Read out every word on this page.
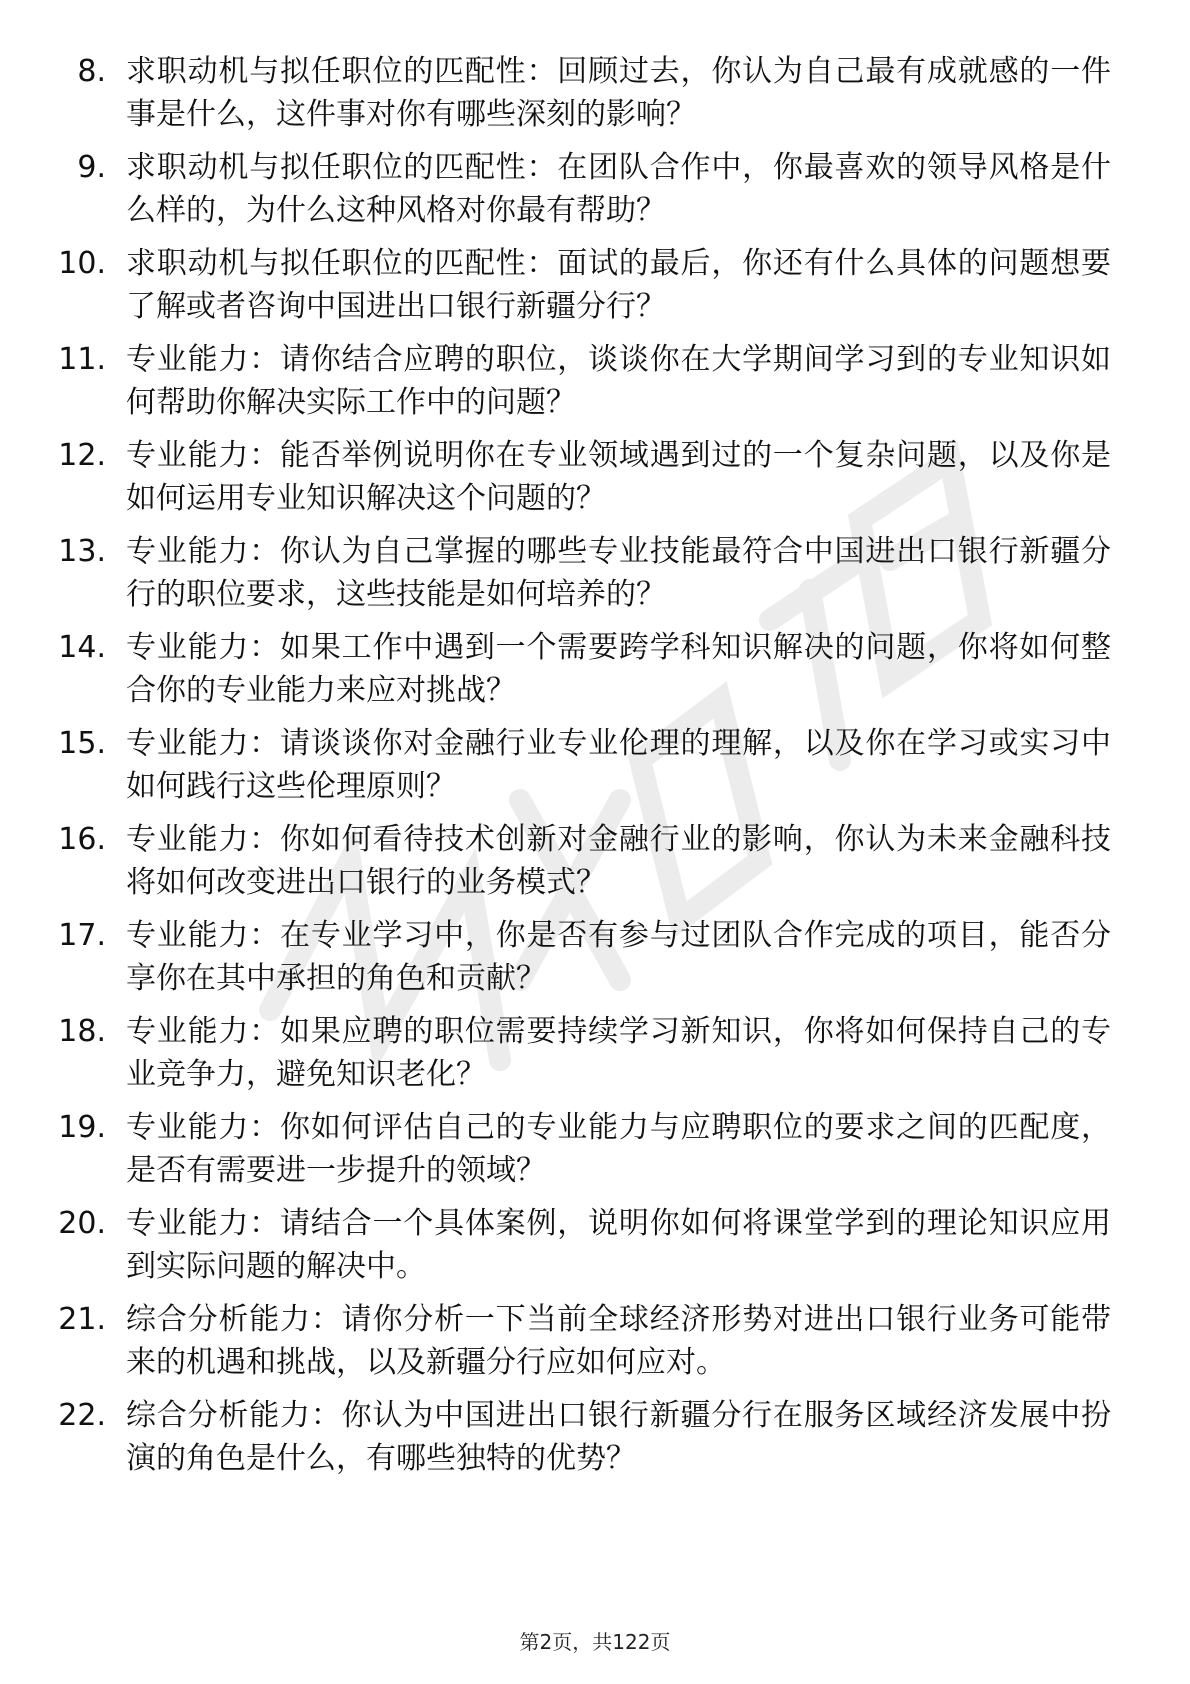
8. 求职动机与拟任职位的匹配性：回顾过去，你认为自己最有成就感的一件事是什么，这件事对你有哪些深刻的影响？
9. 求职动机与拟任职位的匹配性：在团队合作中，你最喜欢的领导风格是什么样的，为什么这种风格对你最有帮助？
10. 求职动机与拟任职位的匹配性：面试的最后，你还有什么具体的问题想要了解或者咨询中国进出口银行新疆分行？
11. 专业能力：请你结合应聘的职位，谈谈你在大学期间学习到的专业知识如何帮助你解决实际工作中的问题？
12. 专业能力：能否举例说明你在专业领域遇到过的一个复杂问题，以及你是如何运用专业知识解决这个问题的？
13. 专业能力：你认为自己掌握的哪些专业技能最符合中国进出口银行新疆分行的职位要求，这些技能是如何培养的？
14. 专业能力：如果工作中遇到一个需要跨学科知识解决的问题，你将如何整合你的专业能力来应对挑战？
15. 专业能力：请谈谈你对金融行业专业伦理的理解，以及你在学习或实习中如何践行这些伦理原则？
16. 专业能力：你如何看待技术创新对金融行业的影响，你认为未来金融科技将如何改变进出口银行的业务模式？
17. 专业能力：在专业学习中，你是否有参与过团队合作完成的项目，能否分享你在其中承担的角色和贡献？
18. 专业能力：如果应聘的职位需要持续学习新知识，你将如何保持自己的专业竞争力，避免知识老化？
19. 专业能力：你如何评估自己的专业能力与应聘职位的要求之间的匹配度，是否有需要进一步提升的领域？
20. 专业能力：请结合一个具体案例，说明你如何将课堂学到的理论知识应用到实际问题的解决中。
21. 综合分析能力：请你分析一下当前全球经济形势对进出口银行业务可能带来的机遇和挑战，以及新疆分行应如何应对。
22. 综合分析能力：你认为中国进出口银行新疆分行在服务区域经济发展中扮演的角色是什么，有哪些独特的优势？
第2页，共122页
